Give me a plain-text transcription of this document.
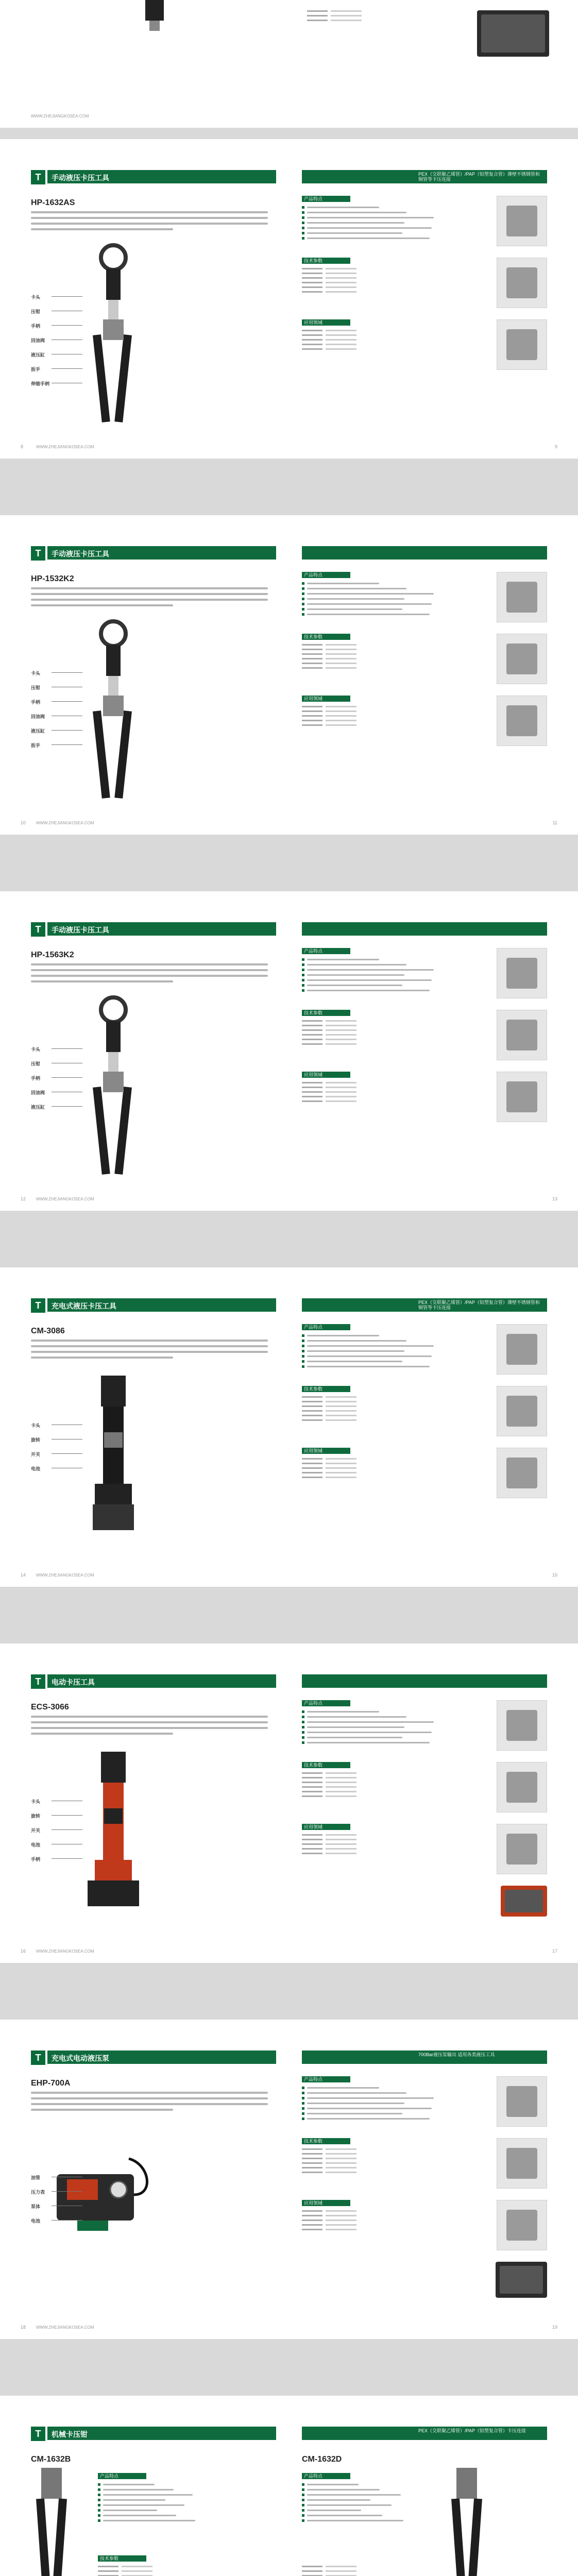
WWW.ZHEJIANGKOSEA.COM
T	手动液压卡压工具
HP-1632AS
卡头
压钳
手柄
回油阀
液压缸
扳手
伸缩手柄
8	WWW.ZHEJIANGKOSEA.COM
PEX（交联聚乙烯管）/PAP（铝塑复合管）薄壁不锈钢管和铜管等卡压连接
产品特点
技术参数
应用领域
9
T	手动液压卡压工具
HP-1532K2
卡头
压钳
手柄
回油阀
液压缸
扳手
10 WWW.ZHEJIANGKOSEA.COM
产品特点
技术参数
应用领域
11
T	手动液压卡压工具
HP-1563K2
卡头
压钳
手柄
回油阀
液压缸
12 WWW.ZHEJIANGKOSEA.COM
产品特点
技术参数
应用领域
13
T	充电式液压卡压工具
CM-3086
卡头
旋转
开关
电池
14 WWW.ZHEJIANGKOSEA.COM
PEX（交联聚乙烯管）/PAP（铝塑复合管）薄壁不锈钢管和铜管等卡压连接
产品特点
技术参数
应用领域
15
T	电动卡压工具
ECS-3066
卡头
旋转
开关
电池
手柄
16 WWW.ZHEJIANGKOSEA.COM
产品特点
技术参数
应用领域
17
T	充电式电动液压泵
EHP-700A
油管
压力表
泵体
电池
18 WWW.ZHEJIANGKOSEA.COM
700Bar液压泵输出 适用各类液压工具
产品特点
技术参数
应用领域
19
T	机械卡压钳
CM-1632B
产品特点
技术参数
PEX（交联聚乙烯管）/PAP（铝塑复合管）卡压连接
CM-1632D
产品特点
